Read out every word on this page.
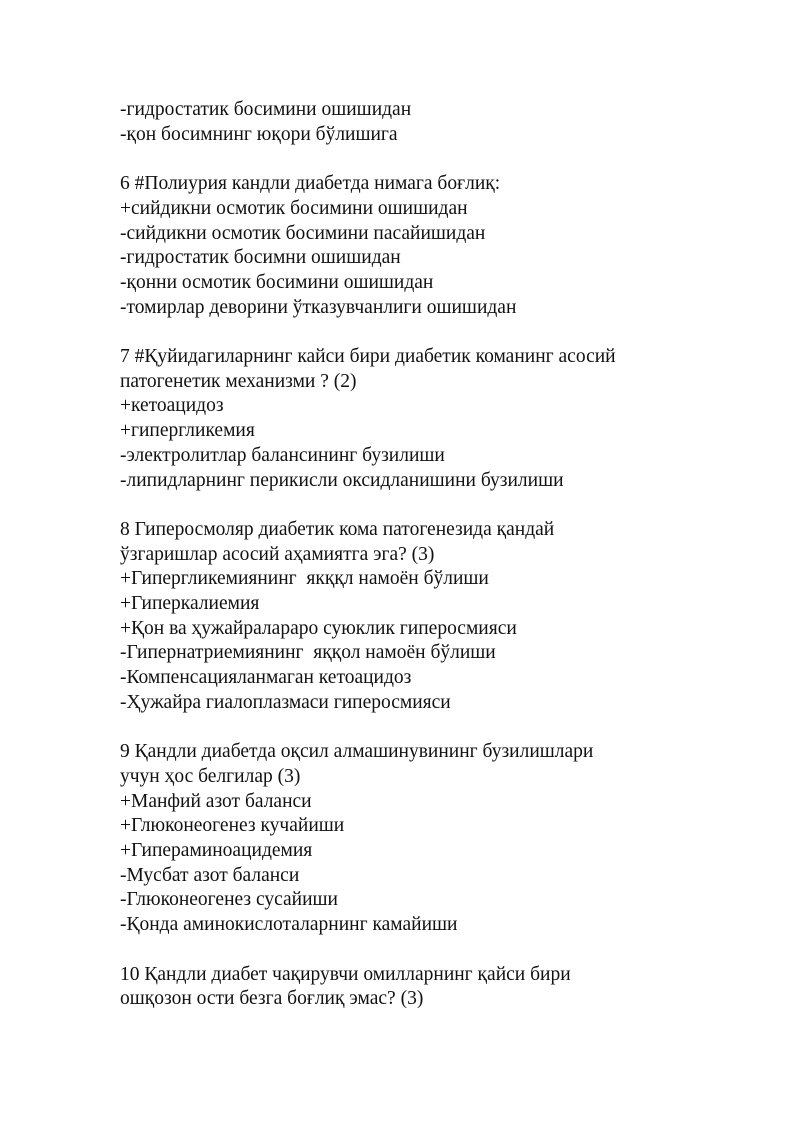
-гидростатик босимини ошишидан
-қон босимнинг юқори бўлишига
6 #Полиурия кандли диабетда нимага боғлиқ:
+сийдикни осмотик босимини ошишидан
-сийдикни осмотик босимини пасайишидан
-гидростатик босимни ошишидан
-қонни осмотик босимини ошишидан
-томирлар деворини ўтказувчанлиги ошишидан
7 #Қуйидагиларнинг кайси бири диабетик команинг асосий
патогенетик механизми ? (2)
+кетоацидоз
+гипергликемия
-электролитлар балансининг бузилиши
-липидларнинг перикисли оксидланишини бузилиши
8 Гиперосмоляр диабетик кома патогенезида қандай
ўзгаришлар асосий аҳамиятга эга? (3)
+Гипергликемиянинг  якққл намоён бўлиши
+Гиперкалиемия
+Қон ва ҳужайралараро суюклик гиперосмияси
-Гипернатриемиянинг  яққол намоён бўлиши
-Компенсацияланмаган кетоацидоз
-Ҳужайра гиалоплазмаси гиперосмияси
9 Қандли диабетда оқсил алмашинувининг бузилишлари
учун ҳос белгилар (3)
+Манфий азот баланси
+Глюконеогенез кучайиши
+Гипераминоацидемия
-Мусбат азот баланси
-Глюконеогенез сусайиши
-Қонда аминокислоталарнинг камайиши
10 Қандли диабет чақирувчи омилларнинг қайси бири
ошқозон ости безга боғлиқ эмас? (3)
